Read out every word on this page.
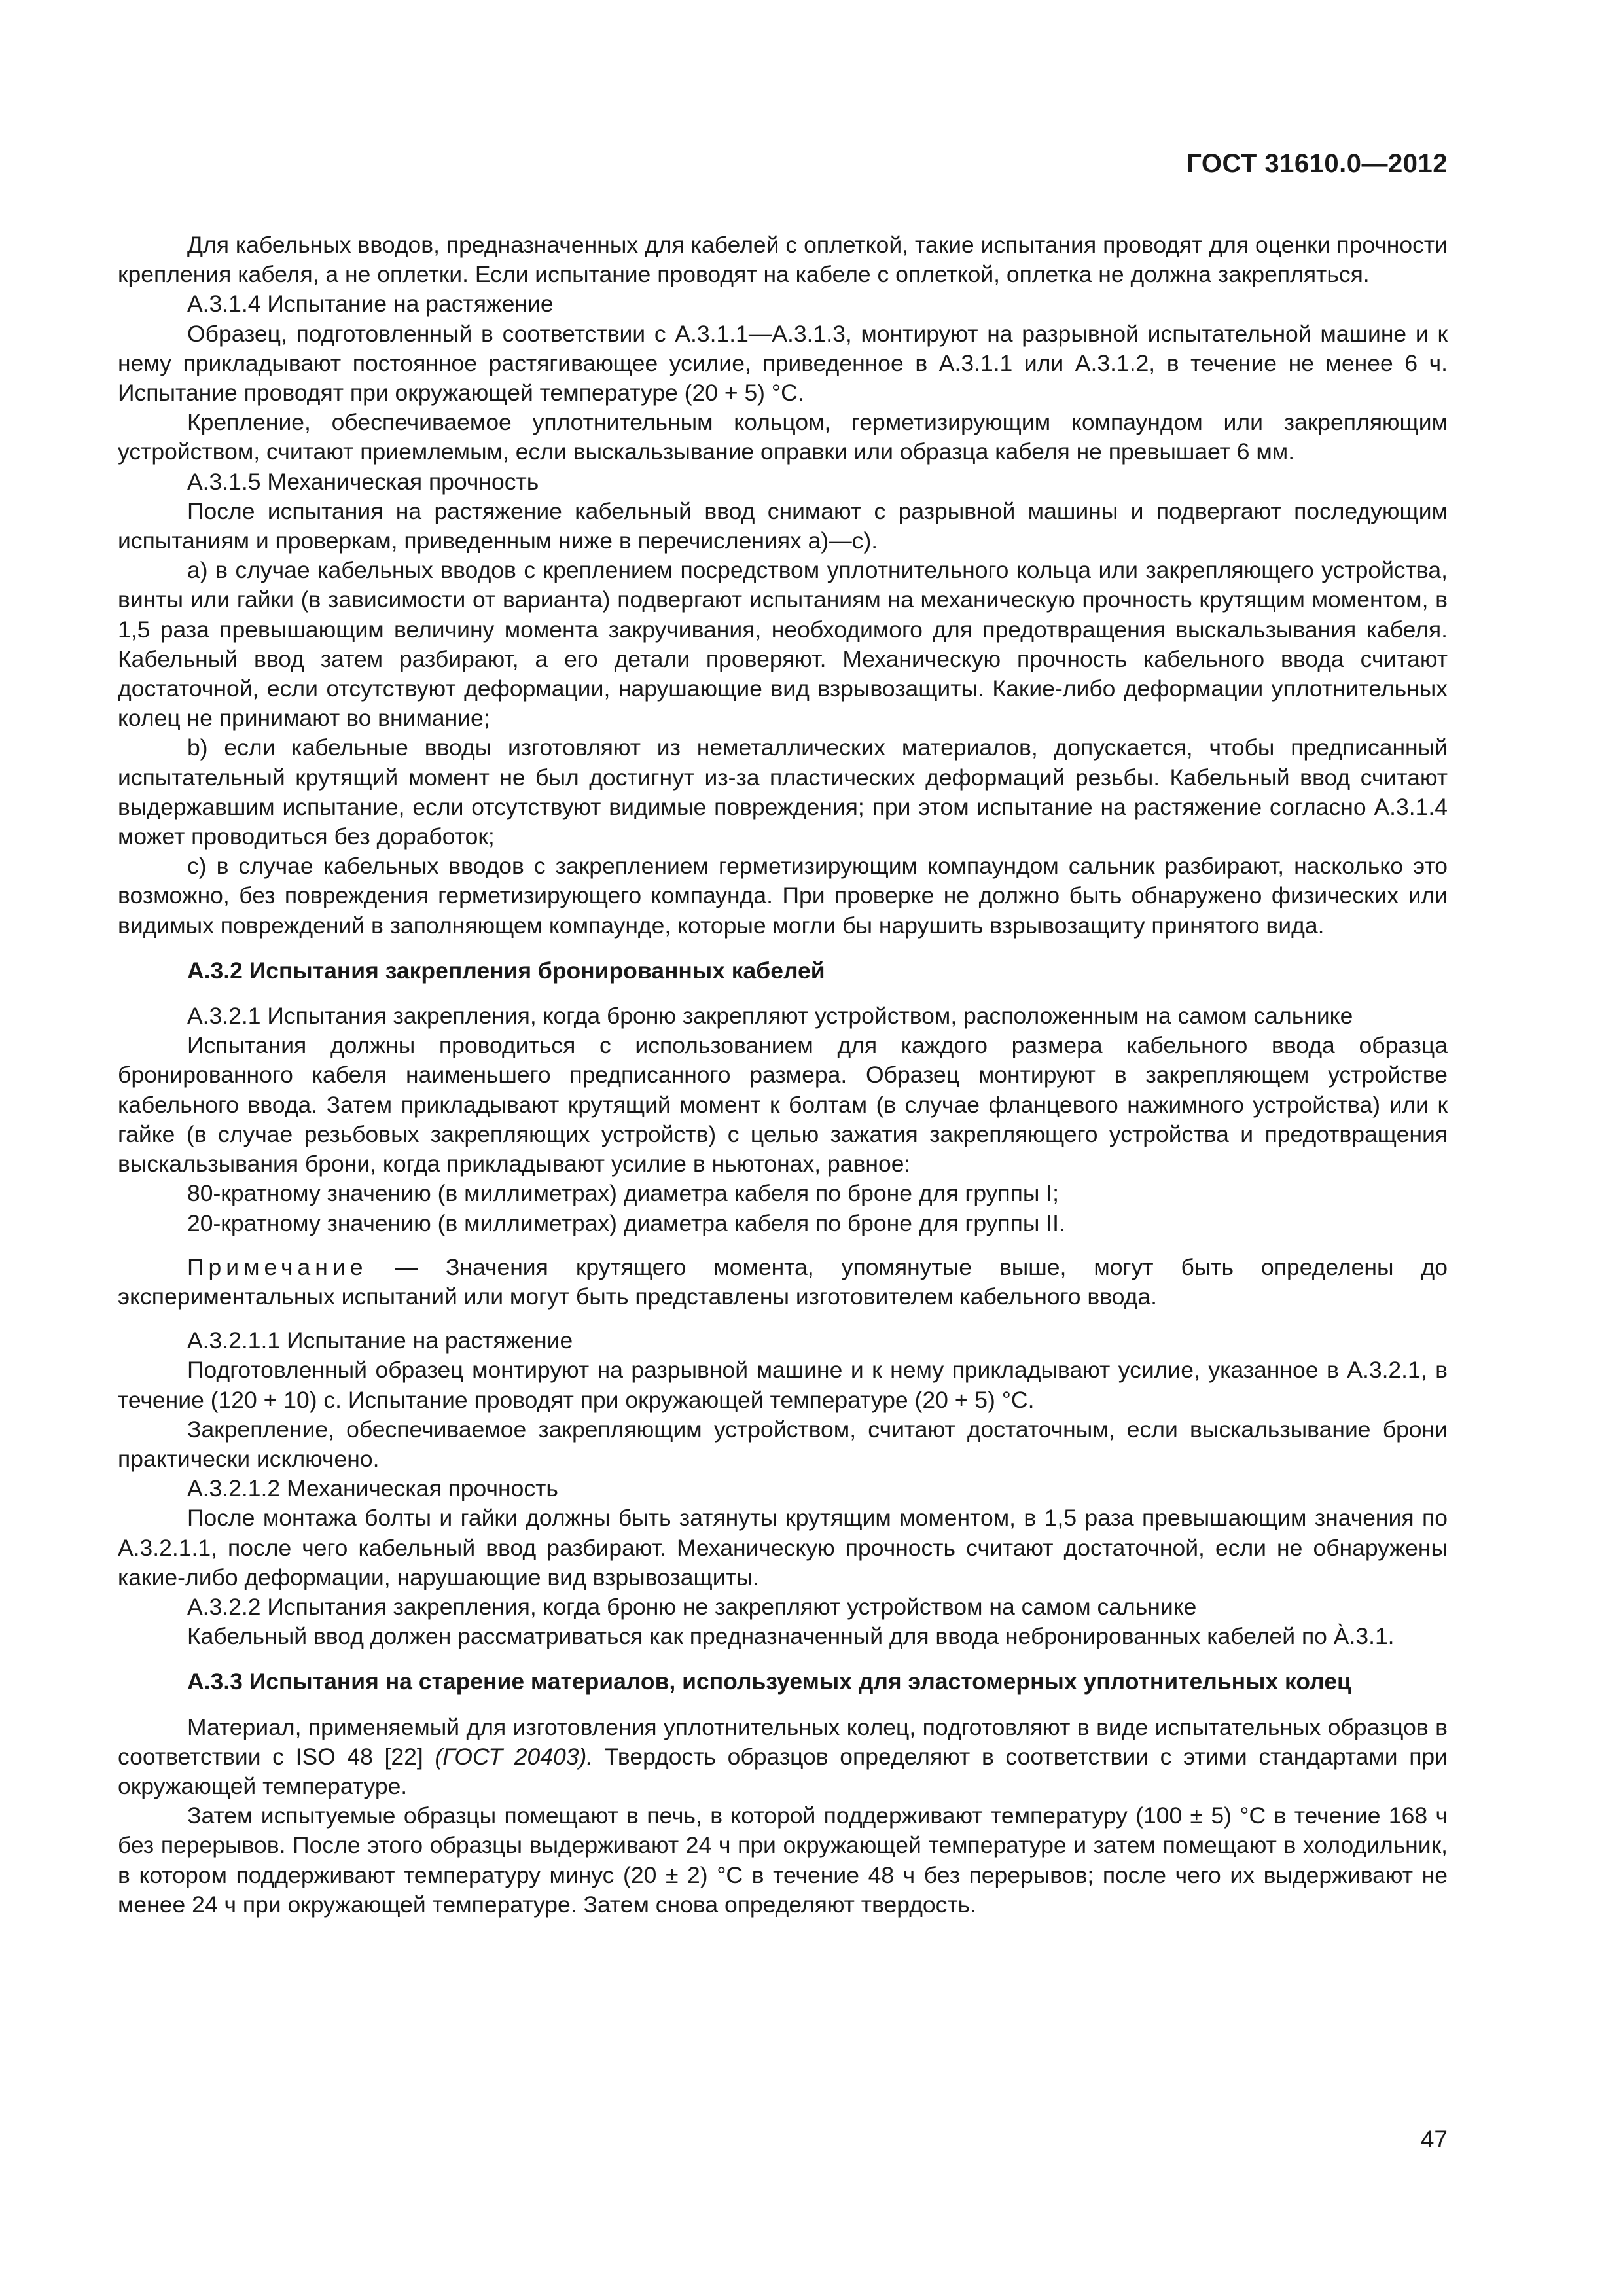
ГОСТ 31610.0—2012

Для кабельных вводов, предназначенных для кабелей с оплеткой, такие испытания проводят для оценки прочности крепления кабеля, а не оплетки. Если испытание проводят на кабеле с оплеткой, оплетка не должна закрепляться.

А.3.1.4 Испытание на растяжение

Образец, подготовленный в соответствии с А.3.1.1—А.3.1.3, монтируют на разрывной испытательной машине и к нему прикладывают постоянное растягивающее усилие, приведенное в А.3.1.1 или А.3.1.2, в течение не менее 6 ч. Испытание проводят при окружающей температуре (20 + 5) °С.

Крепление, обеспечиваемое уплотнительным кольцом, герметизирующим компаундом или закрепляющим устройством, считают приемлемым, если выскальзывание оправки или образца кабеля не превышает 6 мм.

А.3.1.5 Механическая прочность

После испытания на растяжение кабельный ввод снимают с разрывной машины и подвергают последующим испытаниям и проверкам, приведенным ниже в перечислениях а)—с).

а) в случае кабельных вводов с креплением посредством уплотнительного кольца или закрепляющего устройства, винты или гайки (в зависимости от варианта) подвергают испытаниям на механическую прочность крутящим моментом, в 1,5 раза превышающим величину момента закручивания, необходимого для предотвращения выскальзывания кабеля. Кабельный ввод затем разбирают, а его детали проверяют. Механическую прочность кабельного ввода считают достаточной, если отсутствуют деформации, нарушающие вид взрывозащиты. Какие-либо деформации уплотнительных колец не принимают во внимание;

b) если кабельные вводы изготовляют из неметаллических материалов, допускается, чтобы предписанный испытательный крутящий момент не был достигнут из-за пластических деформаций резьбы. Кабельный ввод считают выдержавшим испытание, если отсутствуют видимые повреждения; при этом испытание на растяжение согласно А.3.1.4 может проводиться без доработок;

с) в случае кабельных вводов с закреплением герметизирующим компаундом сальник разбирают, насколько это возможно, без повреждения герметизирующего компаунда. При проверке не должно быть обнаружено физических или видимых повреждений в заполняющем компаунде, которые могли бы нарушить взрывозащиту принятого вида.

А.3.2 Испытания закрепления бронированных кабелей

А.3.2.1 Испытания закрепления, когда броню закрепляют устройством, расположенным на самом сальнике

Испытания должны проводиться с использованием для каждого размера кабельного ввода образца бронированного кабеля наименьшего предписанного размера. Образец монтируют в закрепляющем устройстве кабельного ввода. Затем прикладывают крутящий момент к болтам (в случае фланцевого нажимного устройства) или к гайке (в случае резьбовых закрепляющих устройств) с целью зажатия закрепляющего устройства и предотвращения выскальзывания брони, когда прикладывают усилие в ньютонах, равное:

80-кратному значению (в миллиметрах) диаметра кабеля по броне для группы I;

20-кратному значению (в миллиметрах) диаметра кабеля по броне для группы II.

Примечание — Значения крутящего момента, упомянутые выше, могут быть определены до экспериментальных испытаний или могут быть представлены изготовителем кабельного ввода.

А.3.2.1.1 Испытание на растяжение

Подготовленный образец монтируют на разрывной машине и к нему прикладывают усилие, указанное в А.3.2.1, в течение (120 + 10) с. Испытание проводят при окружающей температуре (20 + 5) °С.

Закрепление, обеспечиваемое закрепляющим устройством, считают достаточным, если выскальзывание брони практически исключено.

А.3.2.1.2 Механическая прочность

После монтажа болты и гайки должны быть затянуты крутящим моментом, в 1,5 раза превышающим значения по А.3.2.1.1, после чего кабельный ввод разбирают. Механическую прочность считают достаточной, если не обнаружены какие-либо деформации, нарушающие вид взрывозащиты.

А.3.2.2 Испытания закрепления, когда броню не закрепляют устройством на самом сальнике

Кабельный ввод должен рассматриваться как предназначенный для ввода небронированных кабелей по А̀.3.1.

А.3.3 Испытания на старение материалов, используемых для эластомерных уплотнительных колец

Материал, применяемый для изготовления уплотнительных колец, подготовляют в виде испытательных образцов в соответствии с ISO 48 [22] (ГОСТ 20403). Твердость образцов определяют в соответствии с этими стандартами при окружающей температуре.

Затем испытуемые образцы помещают в печь, в которой поддерживают температуру (100 ± 5) °С в течение 168 ч без перерывов. После этого образцы выдерживают 24 ч при окружающей температуре и затем помещают в холодильник, в котором поддерживают температуру минус (20 ± 2) °С в течение 48 ч без перерывов; после чего их выдерживают не менее 24 ч при окружающей температуре. Затем снова определяют твердость.

47
